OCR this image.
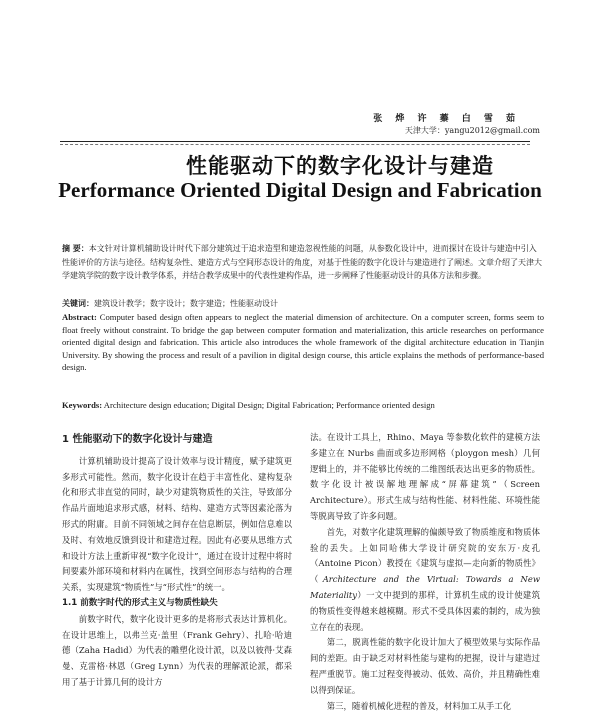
张 烨 许 蓁 白 雪 茹
天津大学：yangu2012@gmail.com
性能驱动下的数字化设计与建造
Performance Oriented Digital Design and Fabrication
摘 要：本文针对计算机辅助设计时代下部分建筑过于追求造型和建造忽视性能的问题，从参数化设计中，进而探讨在设计与建造中引入性能评价的方法与途径。结构复杂性、建造方式与空间形态设计的角度，对基于性能的数字化设计与建造进行了阐述。文章介绍了天津大学建筑学院的数字设计教学体系，并结合教学成果中的代表性建构作品，进一步阐释了性能驱动设计的具体方法和步骤。
关键词：建筑设计教学；数字设计；数字建造；性能驱动设计
Abstract: Computer based design often appears to neglect the material dimension of architecture. On a computer screen, forms seem to float freely without constraint. To bridge the gap between computer formation and materialization, this article researches on performance oriented digital design and fabrication. This article also introduces the whole framework of the digital architecture education in Tianjin University. By showing the process and result of a pavilion in digital design course, this article explains the methods of performance-based design.
Keywords: Architecture design education; Digital Design; Digital Fabrication; Performance oriented design
1 性能驱动下的数字化设计与建造

计算机辅助设计提高了设计效率与设计精度，赋予建筑更多形式可能性。然而，数字化设计在趋于丰富性化、建构复杂化和形式非直觉的同时，缺少对建筑物质性的关注，导致部分作品片面地追求形式感，材料、结构、建造方式等因素沦落为形式的附庸。目前不同领域之间存在信息断层，例如信息难以及时、有效地反馈到设计和建造过程。因此有必要从思维方式和设计方法上重新审视“数字化设计”，通过在设计过程中将时间要素外部环境和材料内在属性，找到空间形态与结构的合理关系，实现建筑“物质性”与“形式性”的统一。

1.1 前数字时代的形式主义与物质性缺失

前数字时代，数字化设计更多的是将形式表达计算机化。在设计思维上，以弗兰克·盖里（Frank Gehry）、扎哈·哈迪德（Zaha Hadid）为代表的雕塑化设计派，以及以彼得·艾森曼、克雷格·林恩（Greg Lynn）为代表的理解派论派，都采用了基于计算几何的设计方

法。在设计工具上，Rhino、Maya 等参数化软件的建模方法多建立在 Nurbs 曲面或多边形网格（ploygon mesh）几何逻辑上的，并不能够比传统的二维图纸表达出更多的物质性。数字化设计被误解地理解成“屏幕建筑”（Screen Architecture）。形式生成与结构性能、材料性能、环境性能等脱离导致了许多问题。

首先，对数字化建筑理解的偏颇导致了物质维度和物质体验的丢失。上如同哈佛大学设计研究院的安东万·皮孔（Antoine Picon）教授在《建筑与虚拟—走向新的物质性》（Architecture and the Virtual: Towards a New Materiality）一文中提到的那样，计算机生成的设计使建筑的物质性变得越来越模糊。形式不受具体因素的制约，成为独立存在的表现。

第二，脱离性能的数字化设计加大了模型效果与实际作品间的差距。由于缺乏对材料性能与建构的把握，设计与建造过程严重脱节。施工过程变得被动、低效、高价，并且精确性难以得到保证。

第三，随着机械化进程的普及，材料加工从手工化
